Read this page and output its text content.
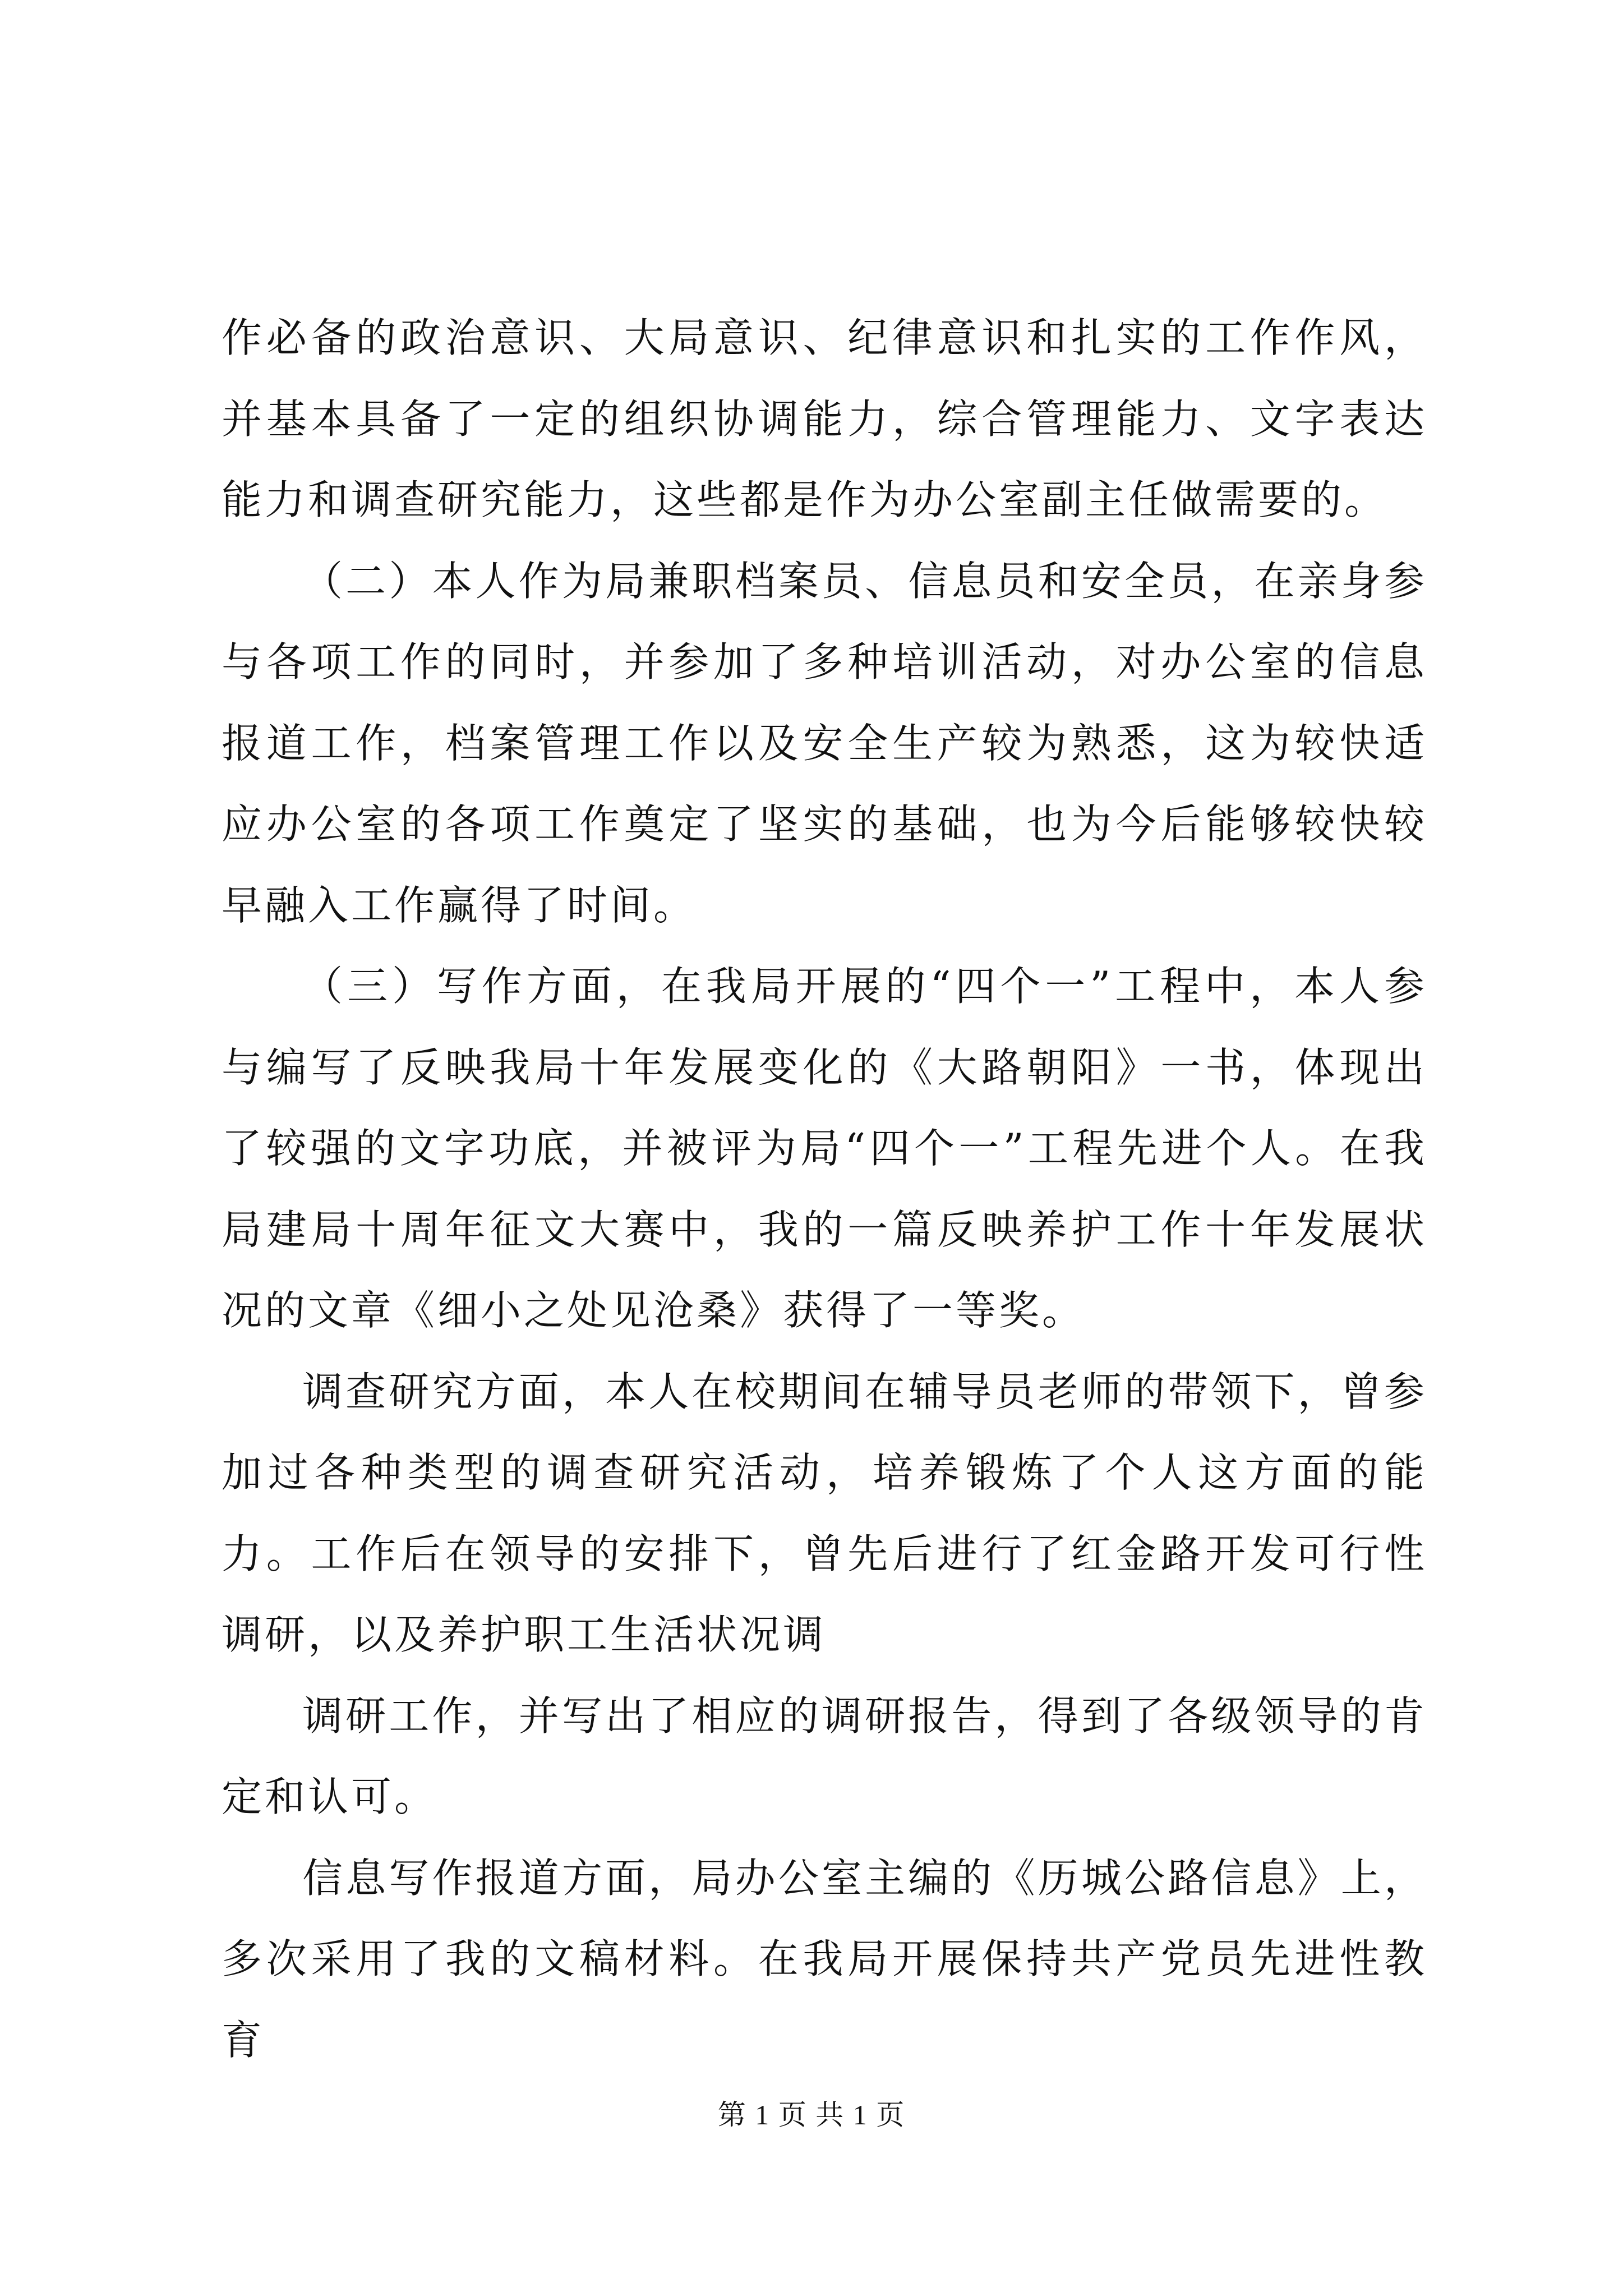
作必备的政治意识、大局意识、纪律意识和扎实的工作作风，并基本具备了一定的组织协调能力，综合管理能力、文字表达能力和调查研究能力，这些都是作为办公室副主任做需要的。

（二）本人作为局兼职档案员、信息员和安全员，在亲身参与各项工作的同时，并参加了多种培训活动，对办公室的信息报道工作，档案管理工作以及安全生产较为熟悉，这为较快适应办公室的各项工作奠定了坚实的基础，也为今后能够较快较早融入工作赢得了时间。

（三）写作方面，在我局开展的“四个一”工程中，本人参与编写了反映我局十年发展变化的《大路朝阳》一书，体现出了较强的文字功底，并被评为局“四个一”工程先进个人。在我局建局十周年征文大赛中，我的一篇反映养护工作十年发展状况的文章《细小之处见沧桑》获得了一等奖。

调查研究方面，本人在校期间在辅导员老师的带领下，曾参加过各种类型的调查研究活动，培养锻炼了个人这方面的能力。工作后在领导的安排下，曾先后进行了红金路开发可行性调研，以及养护职工生活状况调

调研工作，并写出了相应的调研报告，得到了各级领导的肯定和认可。

信息写作报道方面，局办公室主编的《历城公路信息》上，多次采用了我的文稿材料。在我局开展保持共产党员先进性教育

第 1 页 共 1 页
